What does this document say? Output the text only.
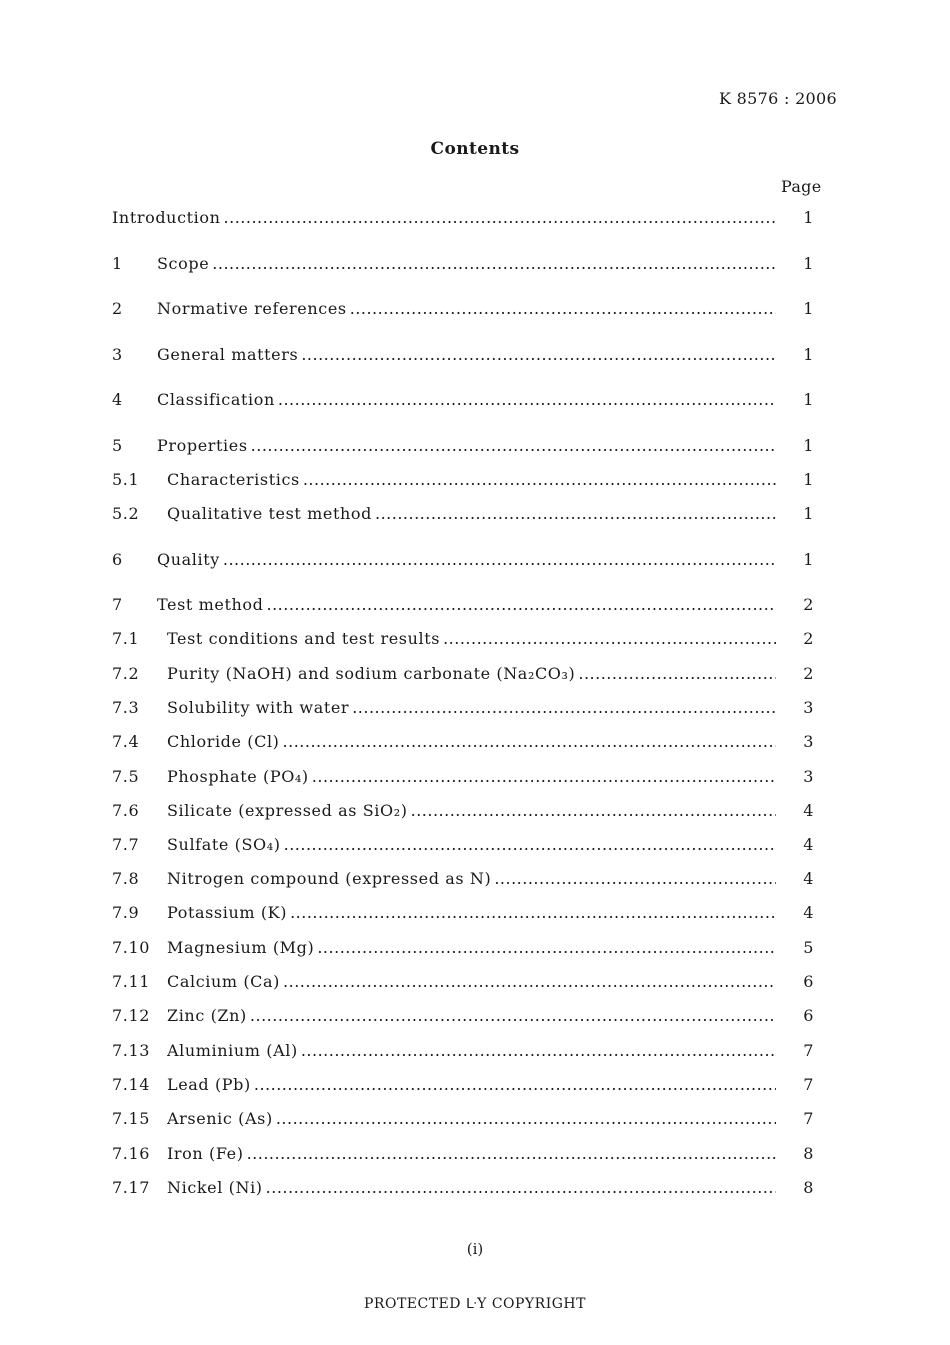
K 8576 : 2006
Contents
Page
Introduction .....	1
1 Scope .....	1
2 Normative references .....	1
3 General matters .....	1
4 Classification .....	1
5 Properties .....	1
5.1 Characteristics .....	1
5.2 Qualitative test method .....	1
6 Quality .....	1
7 Test method .....	2
7.1 Test conditions and test results .....	2
7.2 Purity (NaOH) and sodium carbonate (Na₂CO₃) .....	2
7.3 Solubility with water .....	3
7.4 Chloride (Cl) .....	3
7.5 Phosphate (PO₄) .....	3
7.6 Silicate (expressed as SiO₂) .....	4
7.7 Sulfate (SO₄) .....	4
7.8 Nitrogen compound (expressed as N) .....	4
7.9 Potassium (K) .....	4
7.10 Magnesium (Mg) .....	5
7.11 Calcium (Ca) .....	6
7.12 Zinc (Zn) .....	6
7.13 Aluminium (Al) .....	7
7.14 Lead (Pb) .....	7
7.15 Arsenic (As) .....	7
7.16 Iron (Fe) .....	8
7.17 Nickel (Ni) .....	8
(i)
PROTECTED ᒷY COPYRIGHT
